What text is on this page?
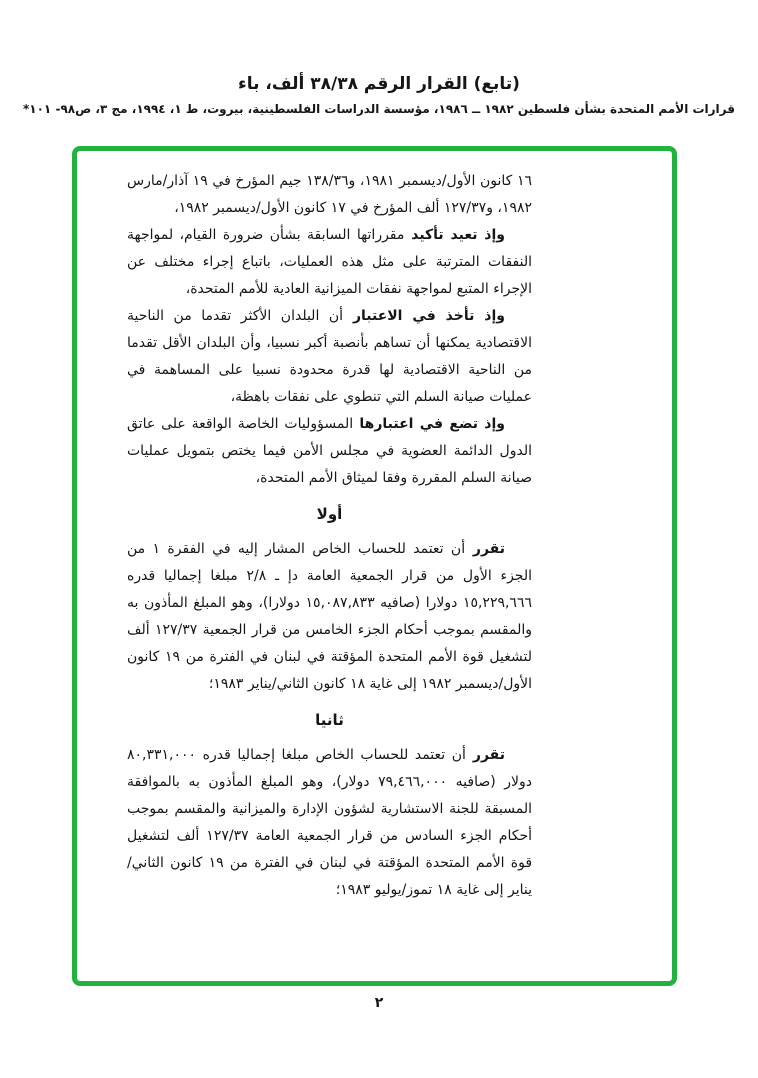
(تابع) القرار الرقم ٣٨/٣٨ ألف، باء
قرارات الأمم المتحدة بشأن فلسطين ١٩٨٢ ــ ١٩٨٦، مؤسسة الدراسات الفلسطينية، بيروت، ط ١، ١٩٩٤، مج ٣، ص٩٨- ١٠١*

١٦ كانون الأول/ديسمبر ١٩٨١، و١٣٨/٣٦ جيم المؤرخ في ١٩ آذار/مارس ١٩٨٢، و١٢٧/٣٧ ألف المؤرخ في ١٧ كانون الأول/ديسمبر ١٩٨٢،

وإذ تعيد تأكيد مقرراتها السابقة بشأن ضرورة القيام، لمواجهة النفقات المترتبة على مثل هذه العمليات، باتباع إجراء مختلف عن الإجراء المتبع لمواجهة نفقات الميزانية العادية للأمم المتحدة،

وإذ تأخذ في الاعتبار أن البلدان الأكثر تقدما من الناحية الاقتصادية يمكنها أن تساهم بأنصبة أكبر نسبيا، وأن البلدان الأقل تقدما من الناحية الاقتصادية لها قدرة محدودة نسبيا على المساهمة في عمليات صيانة السلم التي تنطوي على نفقات باهظة،

وإذ تضع في اعتبارها المسؤوليات الخاصة الواقعة على عاتق الدول الدائمة العضوية في مجلس الأمن فيما يختص بتمويل عمليات صيانة السلم المقررة وفقا لميثاق الأمم المتحدة،

أولا

تقرر أن تعتمد للحساب الخاص المشار إليه في الفقرة ١ من الجزء الأول من قرار الجمعية العامة دإ ـ ٢/٨ مبلغا إجماليا قدره ١٥,٢٢٩,٦٦٦ دولارا (صافيه ١٥,٠٨٧,٨٣٣ دولارا)، وهو المبلغ المأذون به والمقسم بموجب أحكام الجزء الخامس من قرار الجمعية ١٢٧/٣٧ ألف لتشغيل قوة الأمم المتحدة المؤقتة في لبنان في الفترة من ١٩ كانون الأول/ديسمبر ١٩٨٢ إلى غاية ١٨ كانون الثاني/يناير ١٩٨٣؛

ثانيا

تقرر أن تعتمد للحساب الخاص مبلغا إجماليا قدره ٨٠,٣٣١,٠٠٠ دولار (صافيه ٧٩,٤٦٦,٠٠٠ دولار)، وهو المبلغ المأذون به بالموافقة المسبقة للجنة الاستشارية لشؤون الإدارة والميزانية والمقسم بموجب أحكام الجزء السادس من قرار الجمعية العامة ١٢٧/٣٧ ألف لتشغيل قوة الأمم المتحدة المؤقتة في لبنان في الفترة من ١٩ كانون الثاني/يناير إلى غاية ١٨ تموز/يوليو ١٩٨٣؛

٢
